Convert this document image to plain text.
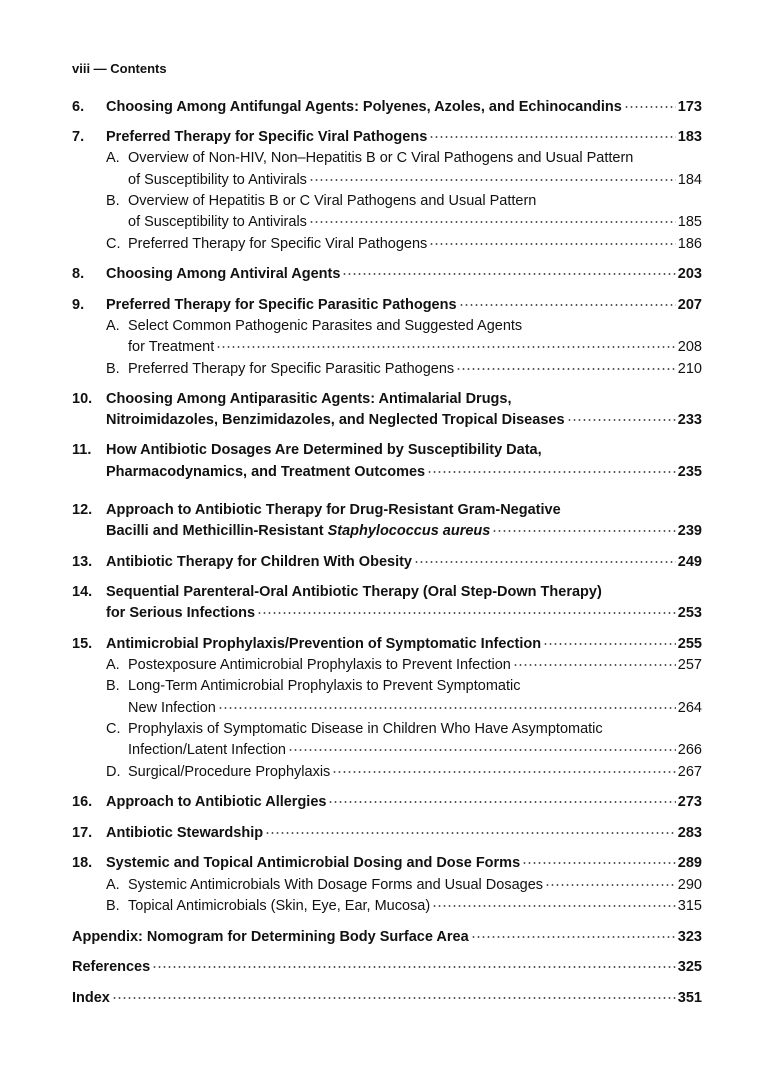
viii — Contents
6.	Choosing Among Antifungal Agents: Polyenes, Azoles, and Echinocandins	173
7.	Preferred Therapy for Specific Viral Pathogens	183
A. Overview of Non-HIV, Non–Hepatitis B or C Viral Pathogens and Usual Pattern
of Susceptibility to Antivirals	184
B. Overview of Hepatitis B or C Viral Pathogens and Usual Pattern
of Susceptibility to Antivirals	185
C. Preferred Therapy for Specific Viral Pathogens	186
8.	Choosing Among Antiviral Agents	203
9.	Preferred Therapy for Specific Parasitic Pathogens	207
A. Select Common Pathogenic Parasites and Suggested Agents
for Treatment	208
B. Preferred Therapy for Specific Parasitic Pathogens	210
10. Choosing Among Antiparasitic Agents: Antimalarial Drugs,
Nitroimidazoles, Benzimidazoles, and Neglected Tropical Diseases	233
11.	How Antibiotic Dosages Are Determined by Susceptibility Data,
Pharmacodynamics, and Treatment Outcomes	235
12. Approach to Antibiotic Therapy for Drug-Resistant Gram-Negative
Bacilli and Methicillin-Resistant Staphylococcus aureus	239
13. Antibiotic Therapy for Children With Obesity	249
14. Sequential Parenteral-Oral Antibiotic Therapy (Oral Step-Down Therapy)
for Serious Infections	253
15. Antimicrobial Prophylaxis/Prevention of Symptomatic Infection	255
A. Postexposure Antimicrobial Prophylaxis to Prevent Infection	257
B. Long-Term Antimicrobial Prophylaxis to Prevent Symptomatic
New Infection	264
C. Prophylaxis of Symptomatic Disease in Children Who Have Asymptomatic
Infection/Latent Infection	266
D. Surgical/Procedure Prophylaxis	267
16. Approach to Antibiotic Allergies	273
17. Antibiotic Stewardship	283
18. Systemic and Topical Antimicrobial Dosing and Dose Forms	289
A. Systemic Antimicrobials With Dosage Forms and Usual Dosages	290
B. Topical Antimicrobials (Skin, Eye, Ear, Mucosa)	315
Appendix: Nomogram for Determining Body Surface Area	323
References	325
Index	351
